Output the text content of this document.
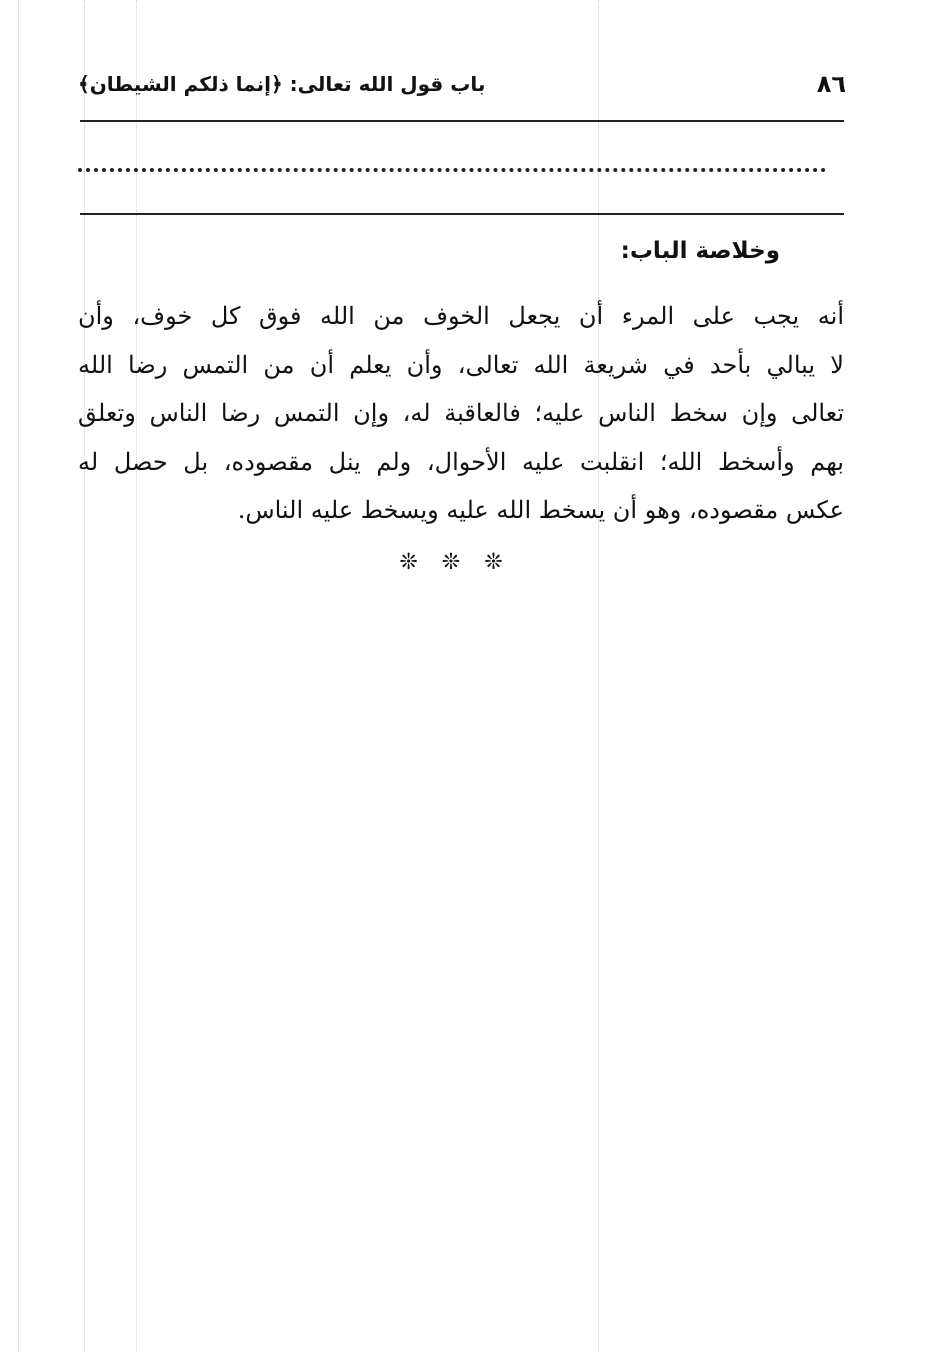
باب قول الله تعالى: ﴿إنما ذلكم الشيطان﴾	٨٦
وخلاصة الباب:
أنه يجب على المرء أن يجعل الخوف من الله فوق كل خوف، وأن
لا يبالي بأحد في شريعة الله تعالى، وأن يعلم أن من التمس رضا الله
تعالى وإن سخط الناس عليه؛ فالعاقبة له، وإن التمس رضا الناس وتعلق
بهم وأسخط الله؛ انقلبت عليه الأحوال، ولم ينل مقصوده، بل حصل له
عكس مقصوده، وهو أن يسخط الله عليه ويسخط عليه الناس.
❊❊❊
